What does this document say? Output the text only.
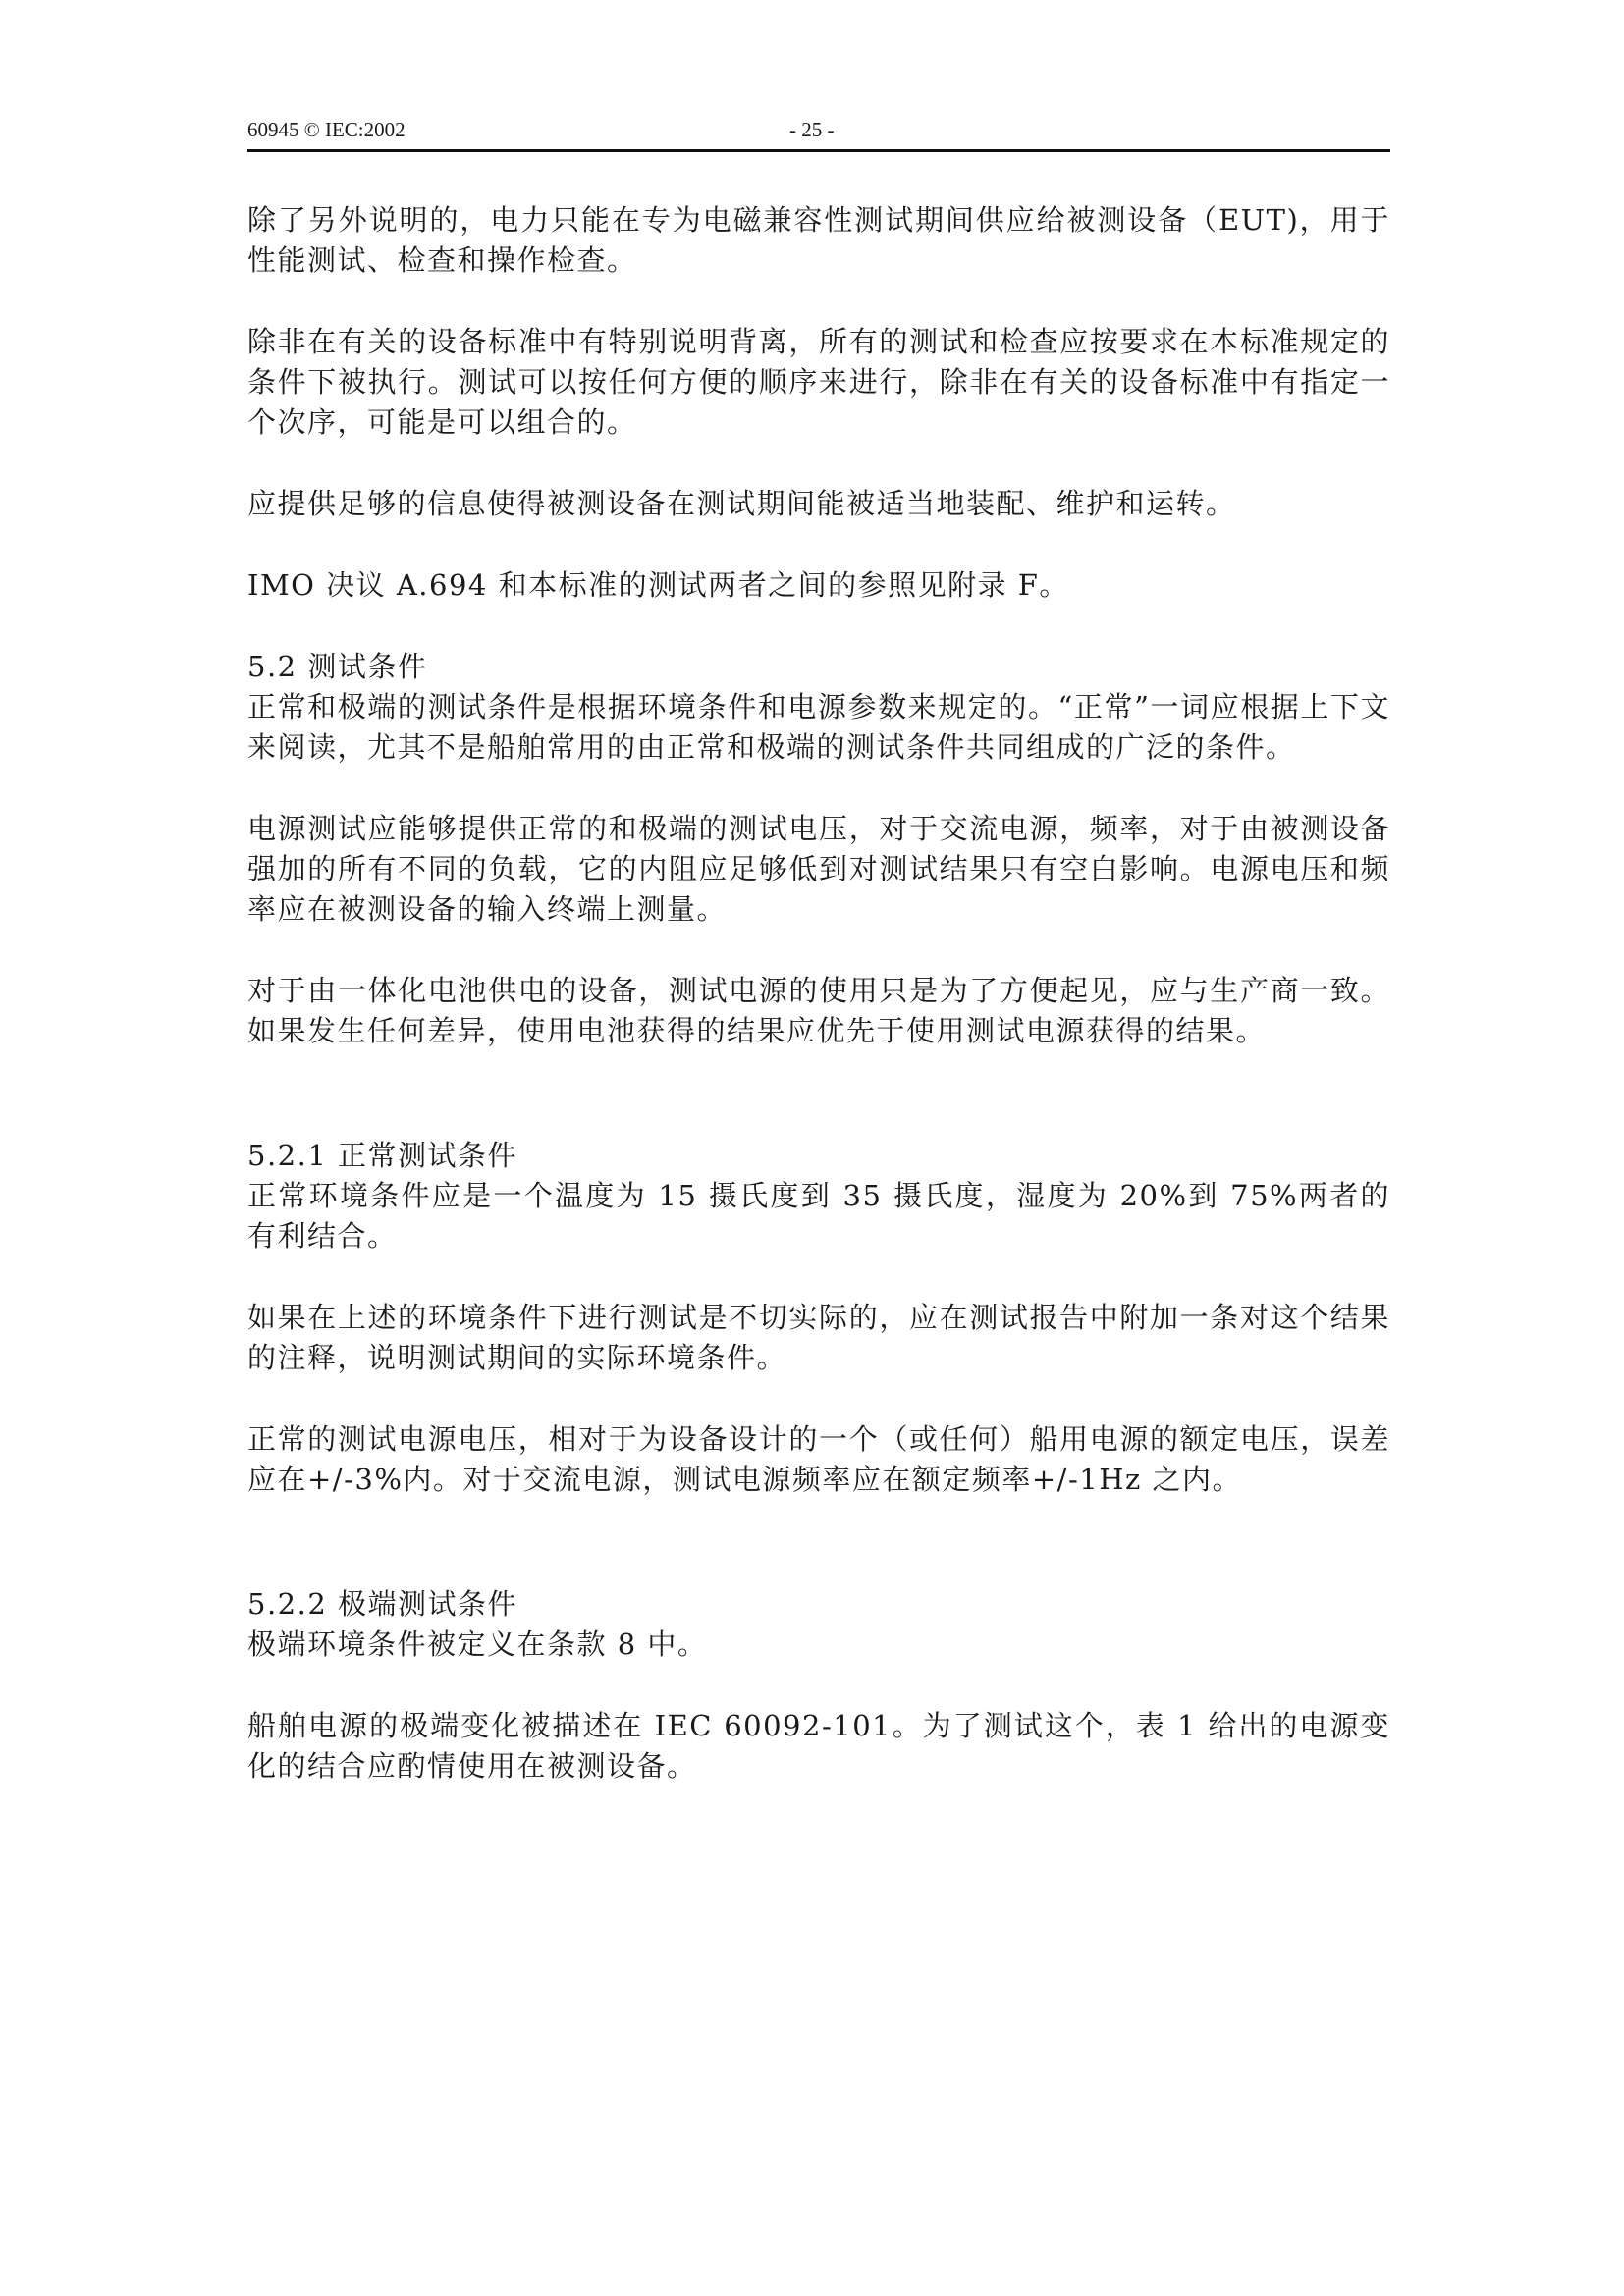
60945 © IEC:2002	- 25 -

除了另外说明的，电力只能在专为电磁兼容性测试期间供应给被测设备（EUT)，用于性能测试、检查和操作检查。

除非在有关的设备标准中有特别说明背离，所有的测试和检查应按要求在本标准规定的条件下被执行。测试可以按任何方便的顺序来进行，除非在有关的设备标准中有指定一个次序，可能是可以组合的。

应提供足够的信息使得被测设备在测试期间能被适当地装配、维护和运转。

IMO 决议 A.694 和本标准的测试两者之间的参照见附录 F。

5.2 测试条件

正常和极端的测试条件是根据环境条件和电源参数来规定的。“正常”一词应根据上下文来阅读，尤其不是船舶常用的由正常和极端的测试条件共同组成的广泛的条件。

电源测试应能够提供正常的和极端的测试电压，对于交流电源，频率，对于由被测设备强加的所有不同的负载，它的内阻应足够低到对测试结果只有空白影响。电源电压和频率应在被测设备的输入终端上测量。

对于由一体化电池供电的设备，测试电源的使用只是为了方便起见，应与生产商一致。如果发生任何差异，使用电池获得的结果应优先于使用测试电源获得的结果。

5.2.1 正常测试条件

正常环境条件应是一个温度为 15 摄氏度到 35 摄氏度，湿度为 20%到 75%两者的有利结合。

如果在上述的环境条件下进行测试是不切实际的，应在测试报告中附加一条对这个结果的注释，说明测试期间的实际环境条件。

正常的测试电源电压，相对于为设备设计的一个（或任何）船用电源的额定电压，误差应在+/-3%内。对于交流电源，测试电源频率应在额定频率+/-1Hz 之内。

5.2.2 极端测试条件

极端环境条件被定义在条款 8 中。

船舶电源的极端变化被描述在 IEC 60092-101。为了测试这个，表 1 给出的电源变化的结合应酌情使用在被测设备。
